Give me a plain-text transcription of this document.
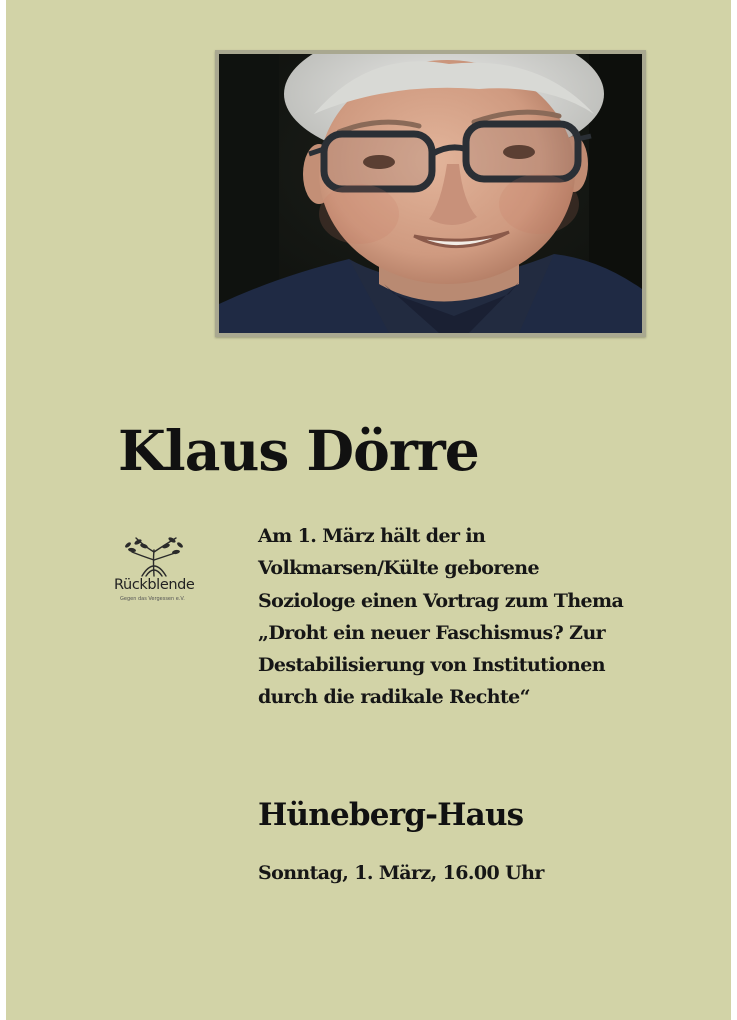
Klaus Dörre
Rückblende
Gegen das Vergessen e.V.

Am 1. März hält der in Volkmarsen/Külte geborene Soziologe einen Vortrag zum Thema „Droht ein neuer Faschismus? Zur Destabilisierung von Institutionen durch die radikale Rechte“

Hüneberg-Haus

Sonntag, 1. März, 16.00 Uhr
